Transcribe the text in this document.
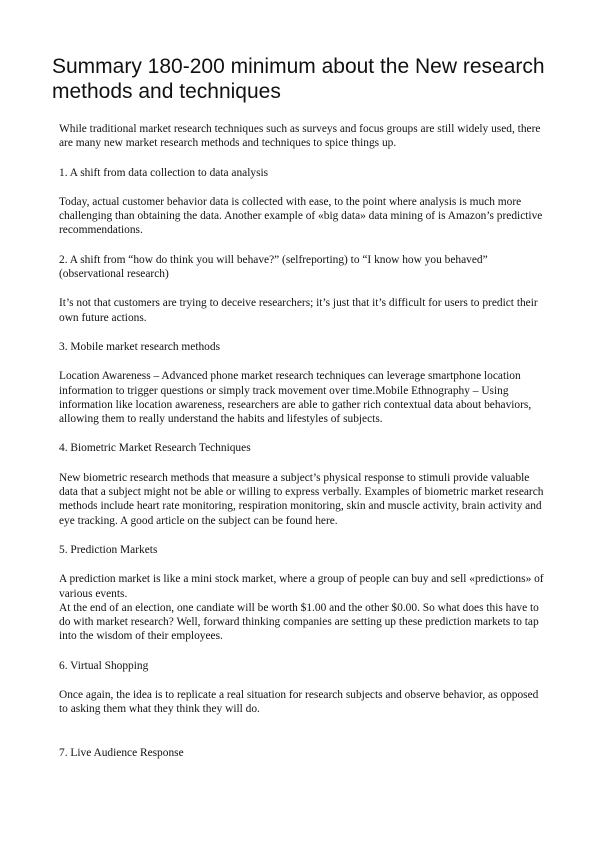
Summary 180-200 minimum about the New research methods and techniques

While traditional market research techniques such as surveys and focus groups are still widely used, there are many new market research methods and techniques to spice things up.

1. A shift from data collection to data analysis

Today, actual customer behavior data is collected with ease, to the point where analysis is much more challenging than obtaining the data. Another example of «big data» data mining of is Amazon’s predictive recommendations.

2. A shift from “how do think you will behave?” (selfreporting) to “I know how you behaved” (observational research)

It’s not that customers are trying to deceive researchers; it’s just that it’s difficult for users to predict their own future actions.

3. Mobile market research methods

Location Awareness – Advanced phone market research techniques can leverage smartphone location information to trigger questions or simply track movement over time.Mobile Ethnography – Using information like location awareness, researchers are able to gather rich contextual data about behaviors, allowing them to really understand the habits and lifestyles of subjects.

4. Biometric Market Research Techniques

New biometric research methods that measure a subject’s physical response to stimuli provide valuable data that a subject might not be able or willing to express verbally. Examples of biometric market research methods include heart rate monitoring, respiration monitoring, skin and muscle activity, brain activity and eye tracking. A good article on the subject can be found here.

5. Prediction Markets

A prediction market is like a mini stock market, where a group of people can buy and sell «predictions» of various events.

At the end of an election, one candiate will be worth $1.00 and the other $0.00. So what does this have to do with market research? Well, forward thinking companies are setting up these prediction markets to tap into the wisdom of their employees.

6. Virtual Shopping

Once again, the idea is to replicate a real situation for research subjects and observe behavior, as opposed to asking them what they think they will do.

7. Live Audience Response
